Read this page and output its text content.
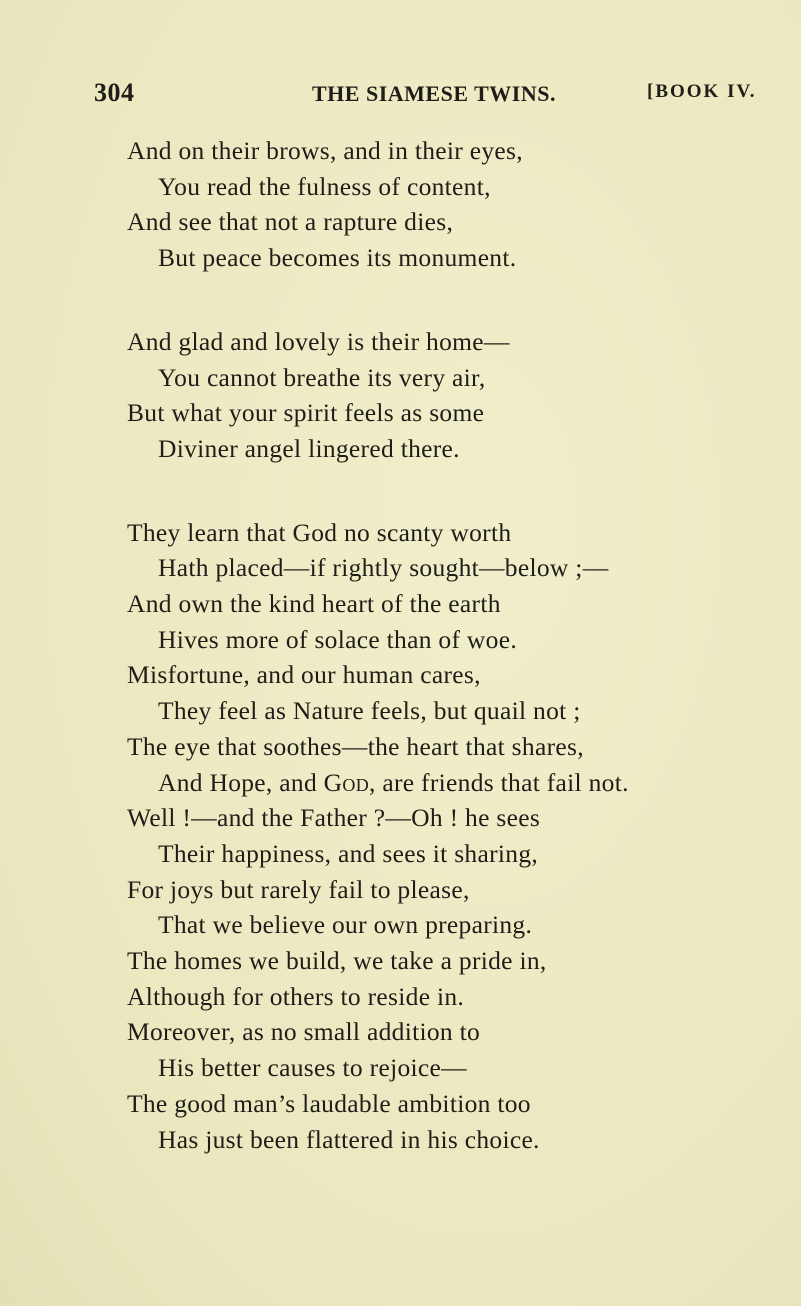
304	THE SIAMESE TWINS.	[BOOK IV.
And on their brows, and in their eyes,
You read the fulness of content,
And see that not a rapture dies,
But peace becomes its monument.
And glad and lovely is their home—
You cannot breathe its very air,
But what your spirit feels as some
Diviner angel lingered there.
They learn that God no scanty worth
Hath placed—if rightly sought—below ;—
And own the kind heart of the earth
Hives more of solace than of woe.
Misfortune, and our human cares,
They feel as Nature feels, but quail not ;
The eye that soothes—the heart that shares,
And Hope, and God, are friends that fail not.
Well !—and the Father ?—Oh ! he sees
Their happiness, and sees it sharing,
For joys but rarely fail to please,
That we believe our own preparing.
The homes we build, we take a pride in,
Although for others to reside in.
Moreover, as no small addition to
His better causes to rejoice—
The good man’s laudable ambition too
Has just been flattered in his choice.
